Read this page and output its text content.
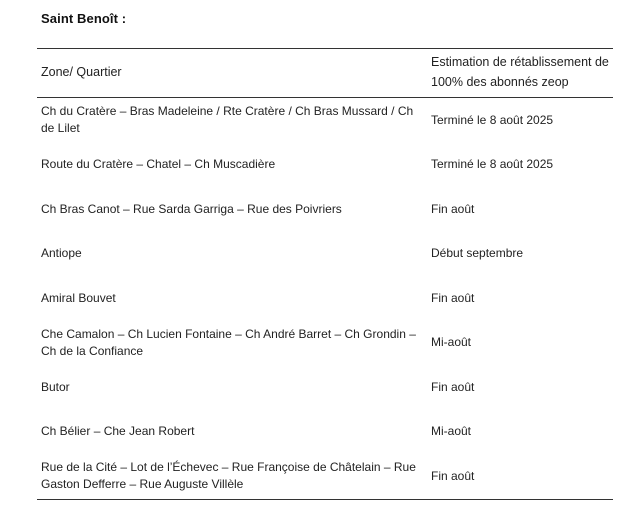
Saint Benoît :
Zone/ Quartier	Estimation de rétablissement de 100% des abonnés zeop
Ch du Cratère – Bras Madeleine / Rte Cratère / Ch Bras Mussard / Ch de Lilet	Terminé le 8 août 2025
Route du Cratère – Chatel – Ch Muscadière	Terminé le 8 août 2025
Ch Bras Canot – Rue Sarda Garriga – Rue des Poivriers	Fin août
Antiope	Début septembre
Amiral Bouvet	Fin août
Che Camalon – Ch Lucien Fontaine – Ch André Barret – Ch Grondin – Ch de la Confiance	Mi-août
Butor	Fin août
Ch Bélier – Che Jean Robert	Mi-août
Rue de la Cité – Lot de l’Échevec – Rue Françoise de Châtelain – Rue Gaston Defferre – Rue Auguste Villèle	Fin août
